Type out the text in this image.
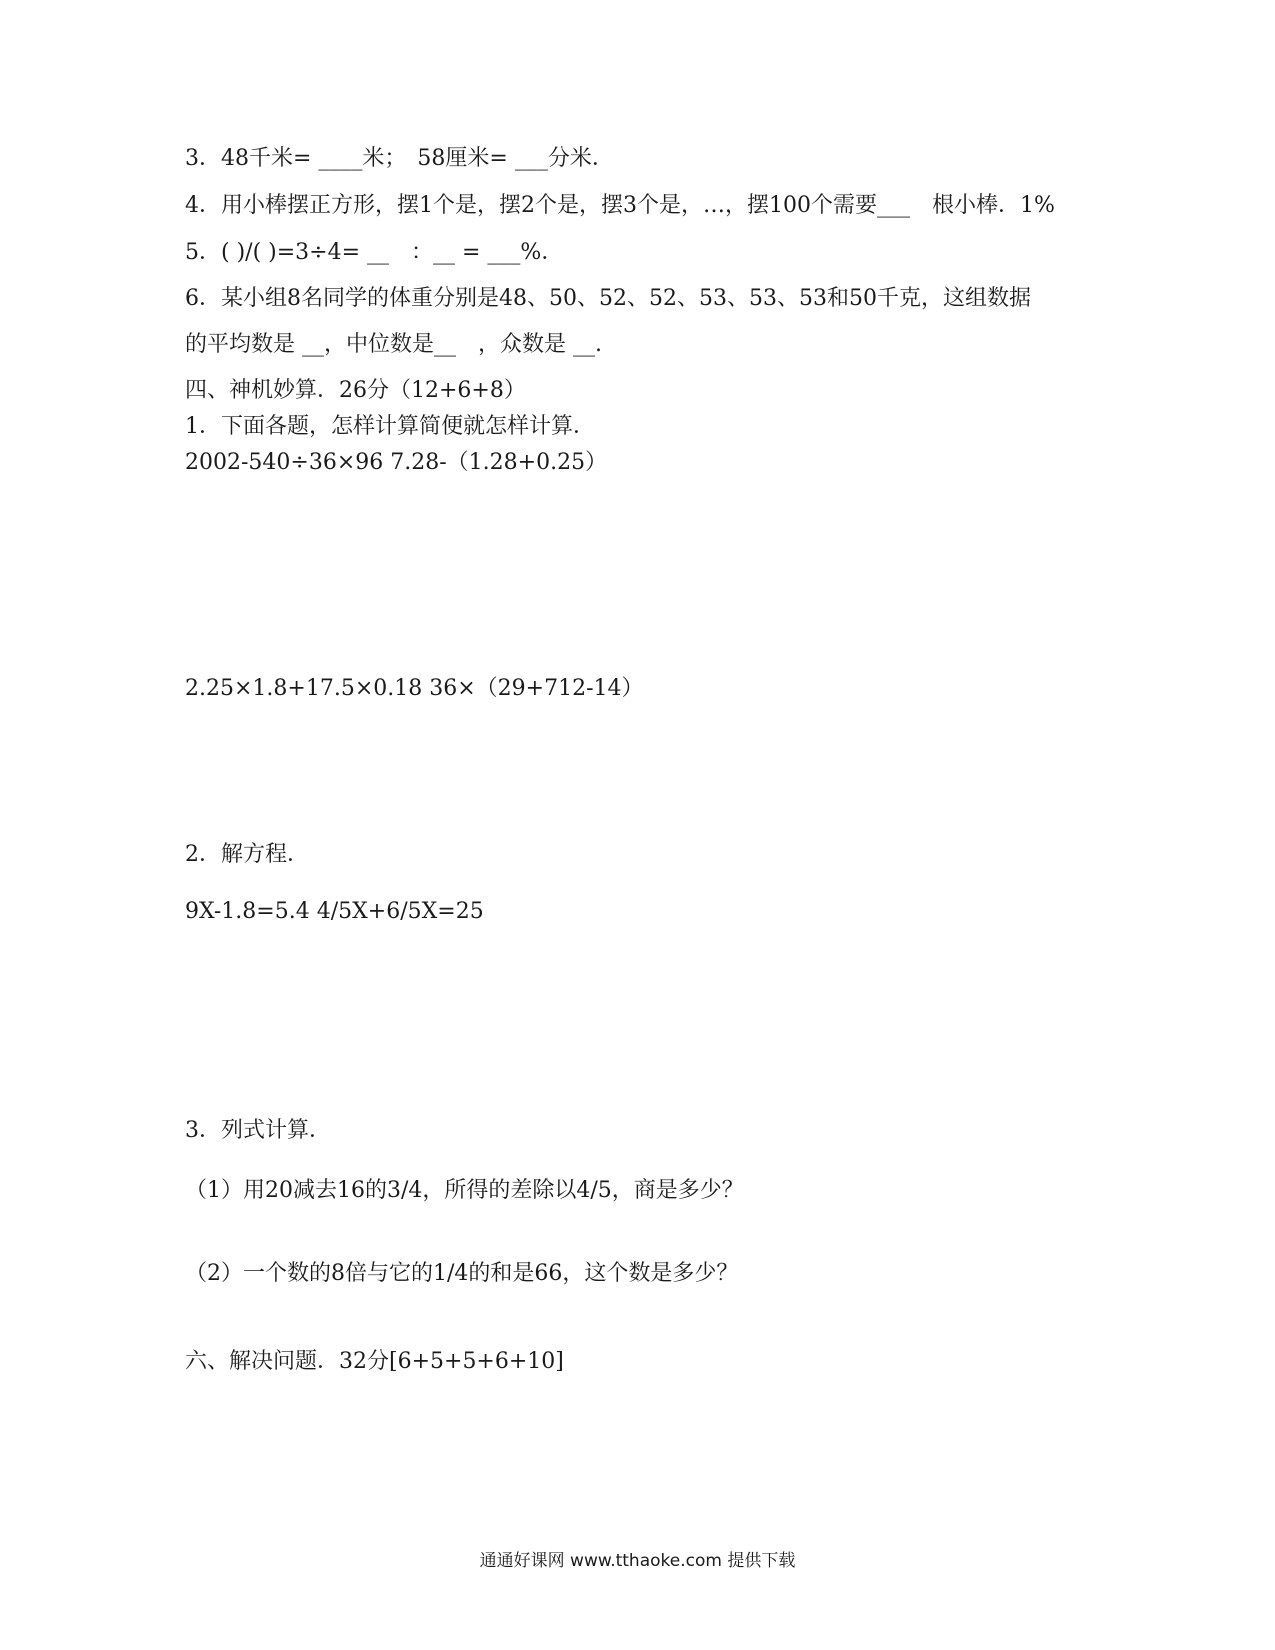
3．48千米= ____米；　58厘米= ___分米．

4．用小棒摆正方形，摆1个是，摆2个是，摆3个是，…，摆100个需要___　根小棒．1%

5．( )/( )=3÷4= __　：__ = ___%．

6．某小组8名同学的体重分别是48、50、52、52、53、53、53和50千克，这组数据

的平均数是 __，中位数是__　，众数是 __.

四、神机妙算．26分（12+6+8）

1．下面各题，怎样计算简便就怎样计算．

2002-540÷36×96 7.28-（1.28+0.25）

2.25×1.8+17.5×0.18 36×（29+712-14）

2．解方程．

9X-1.8=5.4 4/5X+6/5X=25

3．列式计算．

（1）用20减去16的3/4，所得的差除以4/5，商是多少？

（2）一个数的8倍与它的1/4的和是66，这个数是多少？

六、解决问题．32分[6+5+5+6+10]

通通好课网 www.tthaoke.com 提供下载
